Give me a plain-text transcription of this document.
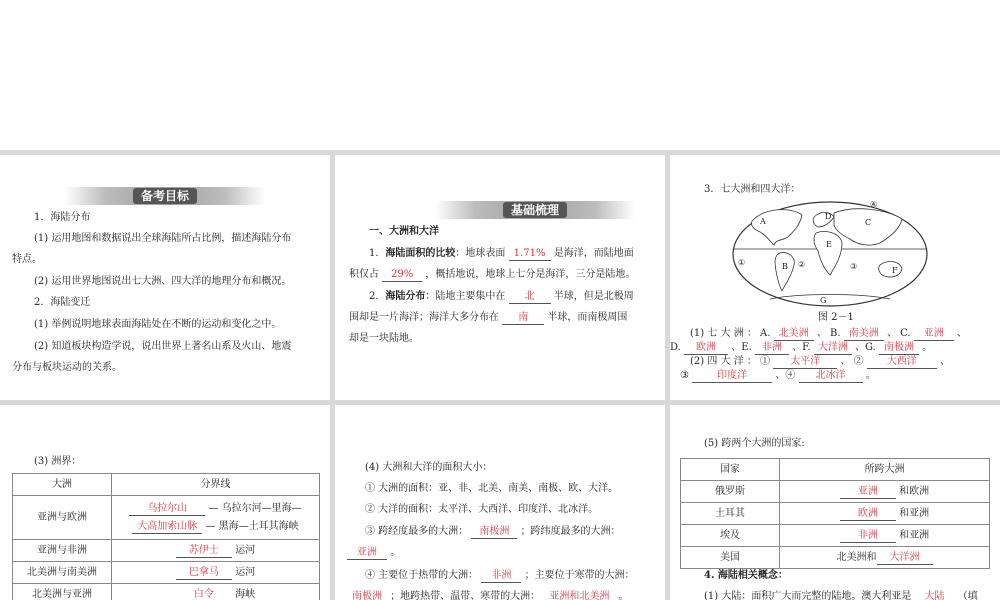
备考目标
1．海陆分布
(1) 运用地图和数据说出全球海陆所占比例，描述海陆分布
特点。
(2) 运用世界地图说出七大洲、四大洋的地理分布和概况。
2．海陆变迁
(1) 举例说明地球表面海陆处在不断的运动和变化之中。
(2) 知道板块构造学说，说出世界上著名山系及火山、地震
分布与板块运动的关系。
基础梳理
一、大洲和大洋
1．海陆面积的比较：地球表面 1.71% 是海洋，而陆地面
积仅占 29% ，概括地说，地球上七分是海洋，三分是陆地。
2．海陆分布：陆地主要集中在 北 半球，但是北极周
围却是一片海洋；海洋大多分布在 南 半球，而南极周围
却是一块陆地。
3．七大洲和四大洋：
A
B
C
D
E
F
G
①	②	③
④
图 2－1
(1) 七 大 洲 ： A. 北美洲 、 B. 南美洲 、 C. 亚洲 、
D. 欧洲 、E. 非洲 、F. 大洋洲 、G. 南极洲 。
(2) 四 大 洋 ： ① 太平洋 、 ② 大西洋 、
③	印度洋	、④ 北冰洋 。
(3) 洲界：
大洲	分界线
亚洲与欧洲	乌拉尔山 — 乌拉尔河—里海—
大高加索山脉 — 黑海—土耳其海峡

亚洲与非洲	苏伊士 运河
北美洲与南美洲	巴拿马 运河
北美洲与亚洲	白令 海峡
(4) 大洲和大洋的面积大小：
① 大洲的面积：亚、非、北美、南美、南极、欧、大洋。
② 大洋的面积：太平洋、大西洋、印度洋、北冰洋。
③ 跨经度最多的大洲： 南极洲 ；跨纬度最多的大洲：
亚洲 。
④ 主要位于热带的大洲： 非洲 ；主要位于寒带的大洲：
南极洲 ；地跨热带、温带、寒带的大洲： 亚洲和北美洲 。
(5) 跨两个大洲的国家:
国家	所跨大洲
俄罗斯	亚洲 和欧洲
土耳其	欧洲 和亚洲
埃及	非洲 和亚洲
美国	北美洲和 大洋洲
4. 海陆相关概念：
(1) 大陆：面积广大而完整的陆地。澳大利亚是 大陆 （填
